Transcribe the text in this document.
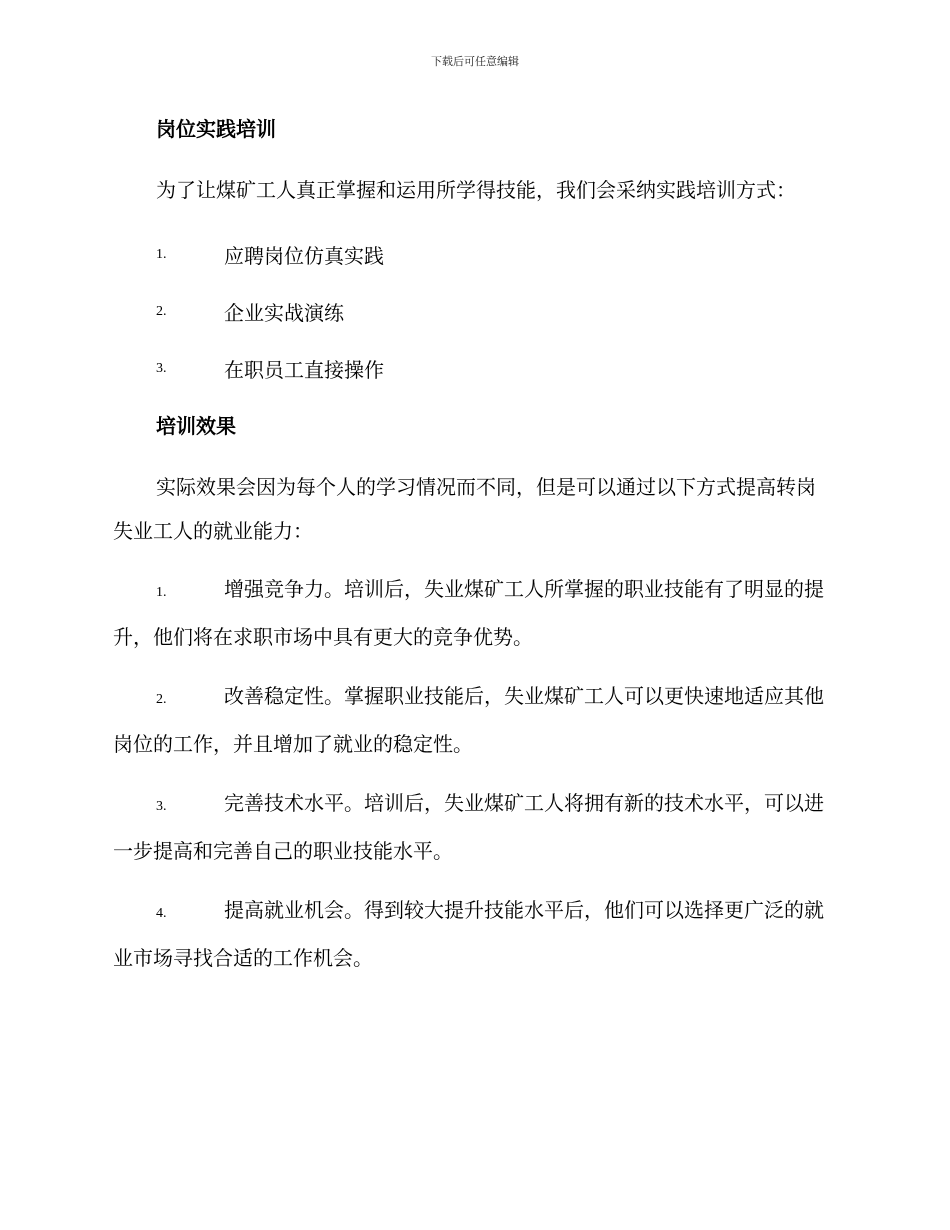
下载后可任意编辑
岗位实践培训

为了让煤矿工人真正掌握和运用所学得技能，我们会采纳实践培训方式：

1.	应聘岗位仿真实践
2.	企业实战演练
3.	在职员工直接操作
培训效果

实际效果会因为每个人的学习情况而不同，但是可以通过以下方式提高转岗失业工人的就业能力：

1.	增强竞争力。培训后，失业煤矿工人所掌握的职业技能有了明显的提升，他们将在求职市场中具有更大的竞争优势。
2.	改善稳定性。掌握职业技能后，失业煤矿工人可以更快速地适应其他岗位的工作，并且增加了就业的稳定性。
3.	完善技术水平。培训后，失业煤矿工人将拥有新的技术水平，可以进一步提高和完善自己的职业技能水平。
4.	提高就业机会。得到较大提升技能水平后，他们可以选择更广泛的就业市场寻找合适的工作机会。
